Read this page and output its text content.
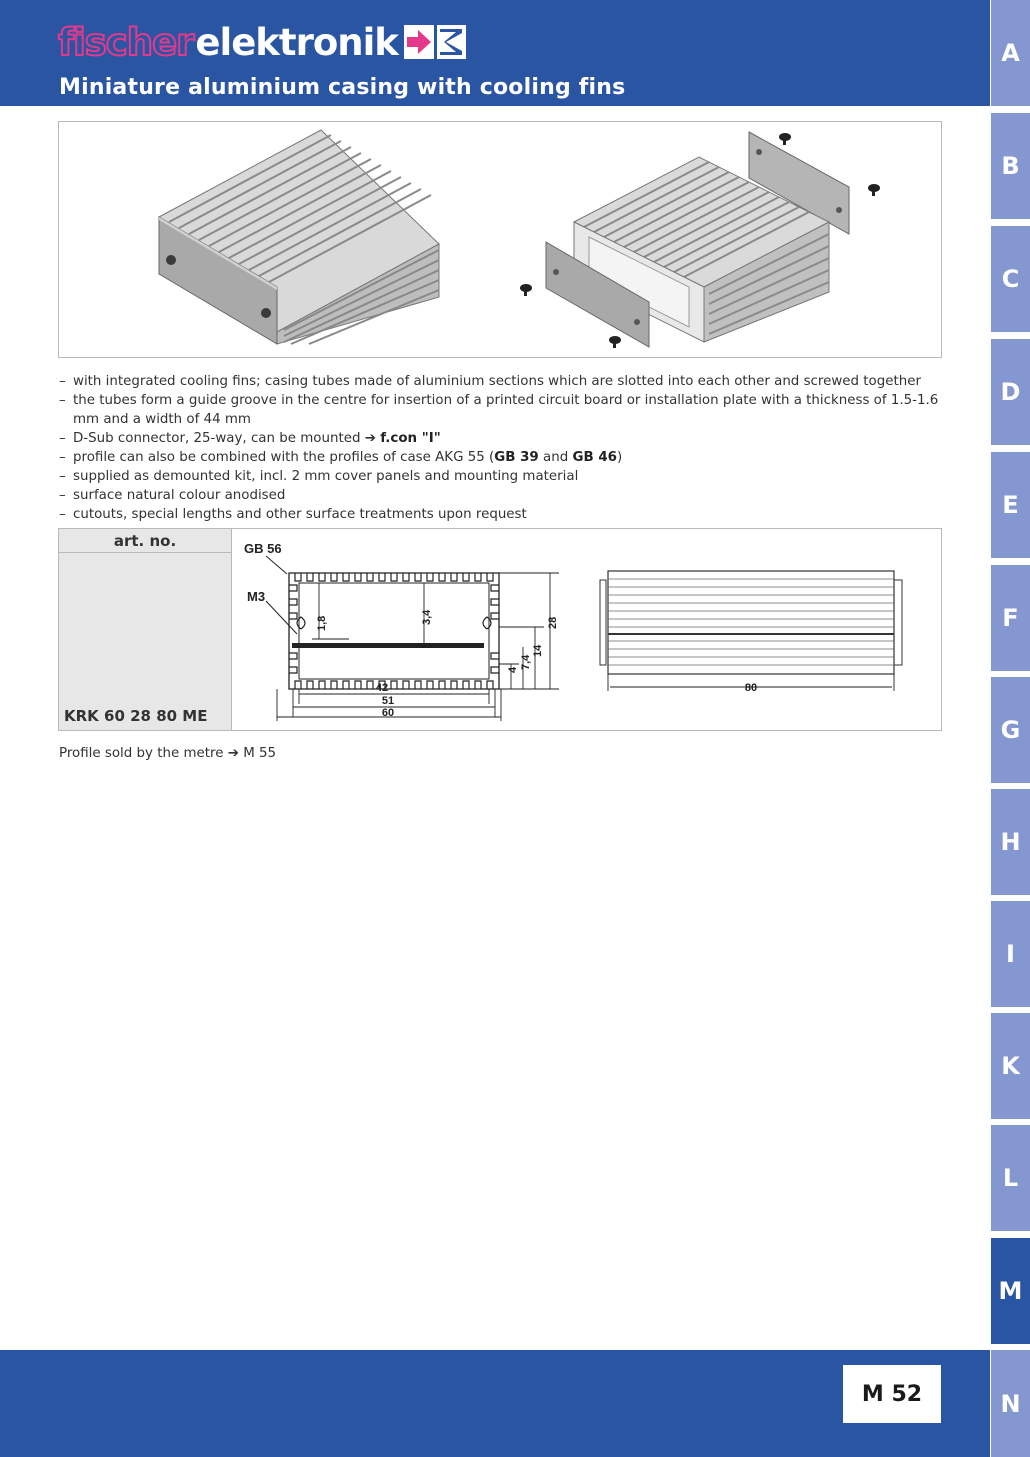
fischer elektronik
Miniature aluminium casing with cooling fins
A
B
C
D
E
F
G
H
I
K
L
M
N
– with integrated cooling fins; casing tubes made of aluminium sections which are slotted into each other and screwed together
– the tubes form a guide groove in the centre for insertion of a printed circuit board or installation plate with a thickness of 1.5-1.6 mm and a width of 44 mm
– D-Sub connector, 25-way, can be mounted ➔ f.con "I"
– profile can also be combined with the profiles of case AKG 55 (GB 39 and GB 46)
– supplied as demounted kit, incl. 2 mm cover panels and mounting material
– surface natural colour anodised
– cutouts, special lengths and other surface treatments upon request
art. no.
KRK 60 28 80 ME
GB 56
M3
1,8	3,4	28
14
7,4
4
42
51
60
80
Profile sold by the metre ➔ M 55
M 52
